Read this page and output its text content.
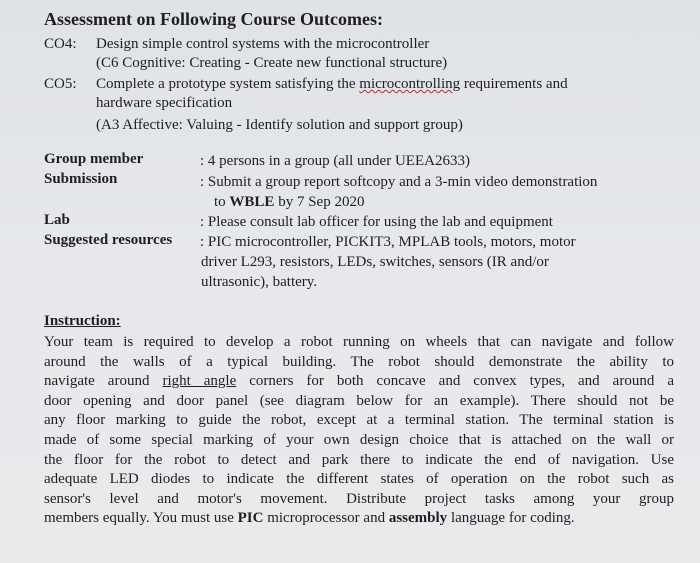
Assessment on Following Course Outcomes:
CO4: Design simple control systems with the microcontroller
(C6 Cognitive: Creating - Create new functional structure)
CO5: Complete a prototype system satisfying the microcontrolling requirements and
hardware specification
(A3 Affective: Valuing - Identify solution and support group)
Group member	: 4 persons in a group (all under UEEA2633)
Submission	: Submit a group report softcopy and a 3-min video demonstration
to WBLE by 7 Sep 2020
Lab	: Please consult lab officer for using the lab and equipment
Suggested resources : PIC microcontroller, PICKIT3, MPLAB tools, motors, motor
driver L293, resistors, LEDs, switches, sensors (IR and/or
ultrasonic), battery.
Instruction:
Your team is required to develop a robot running on wheels that can navigate and follow
around the walls of a typical building. The robot should demonstrate the ability to
navigate around right angle corners for both concave and convex types, and around a
door opening and door panel (see diagram below for an example). There should not be
any floor marking to guide the robot, except at a terminal station. The terminal station is
made of some special marking of your own design choice that is attached on the wall or
the floor for the robot to detect and park there to indicate the end of navigation. Use
adequate LED diodes to indicate the different states of operation on the robot such as
sensor's level and motor's movement. Distribute project tasks among your group
members equally. You must use PIC microprocessor and assembly language for coding.
